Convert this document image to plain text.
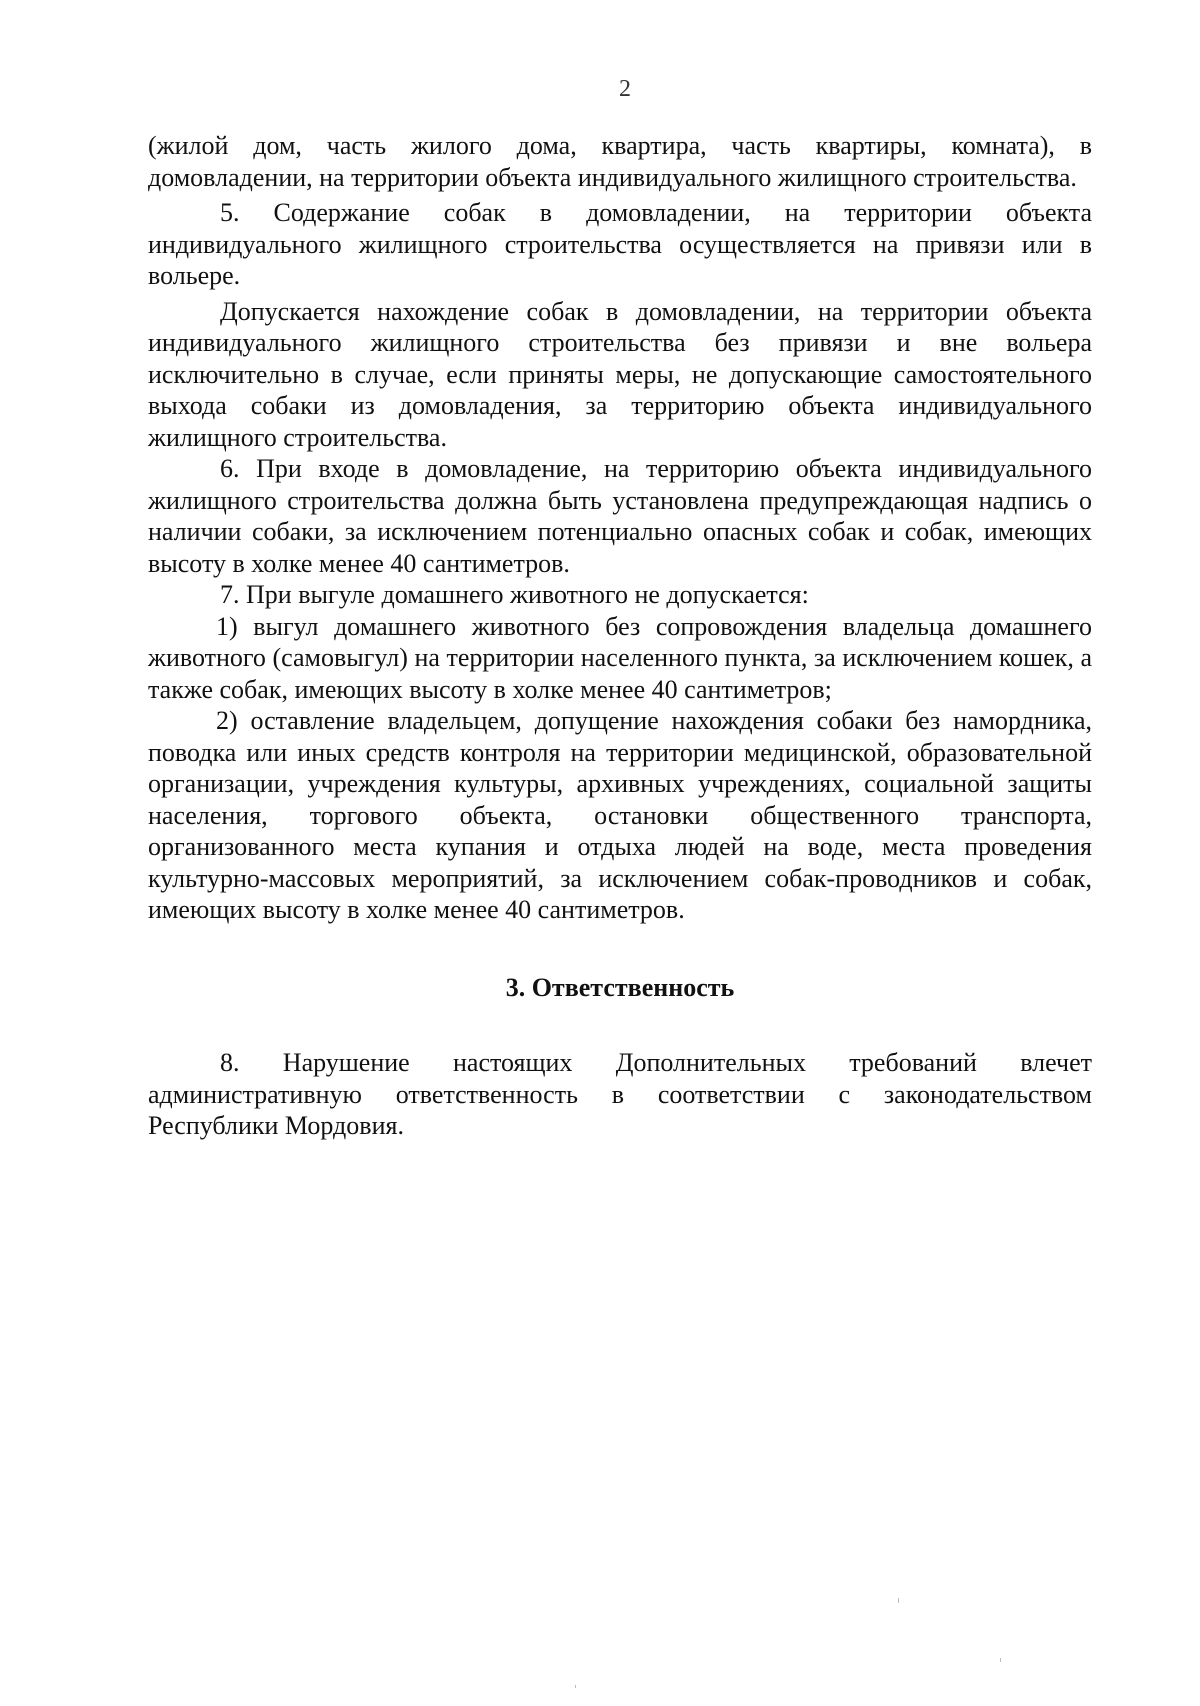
2

(жилой дом, часть жилого дома, квартира, часть квартиры, комната), в домовладении, на территории объекта индивидуального жилищного строительства.

5. Содержание собак в домовладении, на территории объекта индивидуального жилищного строительства осуществляется на привязи или в вольере.

Допускается нахождение собак в домовладении, на территории объекта индивидуального жилищного строительства без привязи и вне вольера исключительно в случае, если приняты меры, не допускающие самостоятельного выхода собаки из домовладения, за территорию объекта индивидуального жилищного строительства.

6. При входе в домовладение, на территорию объекта индивидуального жилищного строительства должна быть установлена предупреждающая надпись о наличии собаки, за исключением потенциально опасных собак и собак, имеющих высоту в холке менее 40 сантиметров.

7. При выгуле домашнего животного не допускается:

1) выгул домашнего животного без сопровождения владельца домашнего животного (самовыгул) на территории населенного пункта, за исключением кошек, а также собак, имеющих высоту в холке менее 40 сантиметров;

2) оставление владельцем, допущение нахождения собаки без намордника, поводка или иных средств контроля на территории медицинской, образовательной организации, учреждения культуры, архивных учреждениях, социальной защиты населения, торгового объекта, остановки общественного транспорта, организованного места купания и отдыха людей на воде, места проведения культурно-массовых мероприятий, за исключением собак-проводников и собак, имеющих высоту в холке менее 40 сантиметров.

3. Ответственность

8. Нарушение настоящих Дополнительных требований влечет административную ответственность в соответствии с законодательством Республики Мордовия.
